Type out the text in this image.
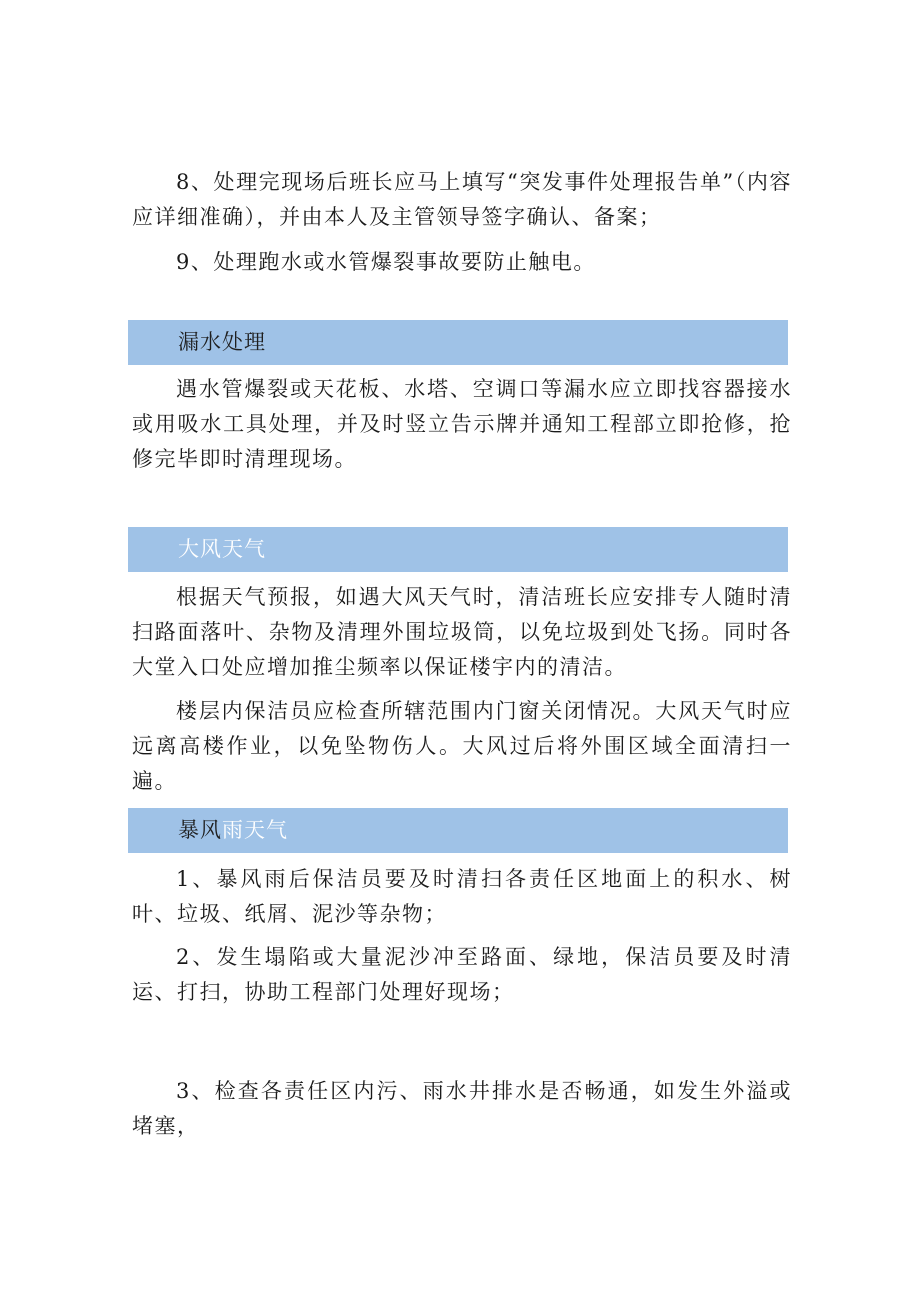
8、处理完现场后班长应马上填写“突发事件处理报告单”（内容应详细准确），并由本人及主管领导签字确认、备案；

9、处理跑水或水管爆裂事故要防止触电。

漏水处理

遇水管爆裂或天花板、水塔、空调口等漏水应立即找容器接水或用吸水工具处理，并及时竖立告示牌并通知工程部立即抢修，抢修完毕即时清理现场。

大风天气

根据天气预报，如遇大风天气时，清洁班长应安排专人随时清扫路面落叶、杂物及清理外围垃圾筒，以免垃圾到处飞扬。同时各大堂入口处应增加推尘频率以保证楼宇内的清洁。

楼层内保洁员应检查所辖范围内门窗关闭情况。大风天气时应远离高楼作业，以免坠物伤人。大风过后将外围区域全面清扫一遍。

暴风雨天气

1、暴风雨后保洁员要及时清扫各责任区地面上的积水、树叶、垃圾、纸屑、泥沙等杂物；

2、发生塌陷或大量泥沙冲至路面、绿地，保洁员要及时清运、打扫，协助工程部门处理好现场；

3、检查各责任区内污、雨水井排水是否畅通，如发生外溢或堵塞，
